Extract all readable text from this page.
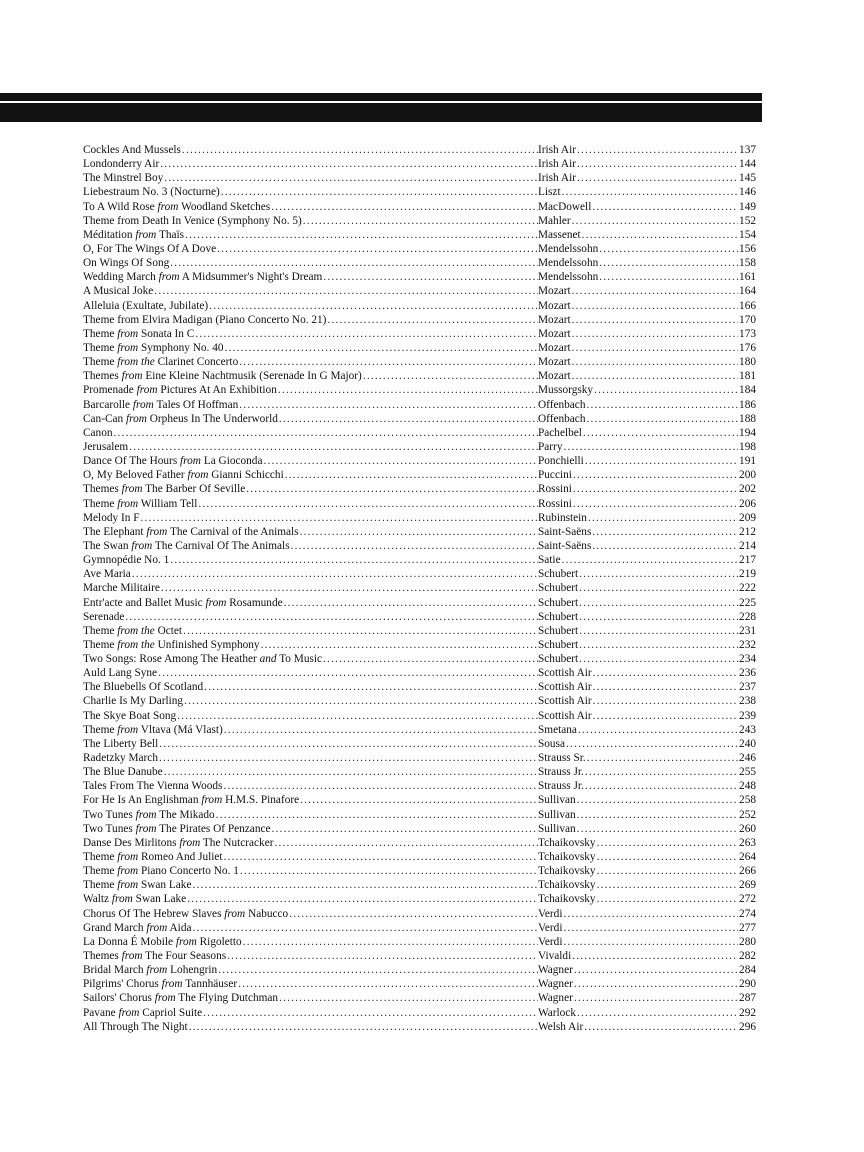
Cockles And Mussels .....	Irish Air .....	137
Londonderry Air .....	Irish Air .....	144
The Minstrel Boy .....	Irish Air .....	145
Liebestraum No. 3 (Nocturne) .....	Liszt .....	146
To A Wild Rose from Woodland Sketches .....	MacDowell .....	149
Theme from Death In Venice (Symphony No. 5) .....	Mahler .....	152
Méditation from Thaïs .....	Massenet .....	154
O, For The Wings Of A Dove .....	Mendelssohn .....	156
On Wings Of Song .....	Mendelssohn .....	158
Wedding March from A Midsummer's Night's Dream .....	Mendelssohn .....	161
A Musical Joke .....	Mozart .....	164
Alleluia (Exultate, Jubilate) .....	Mozart .....	166
Theme from Elvira Madigan (Piano Concerto No. 21) .....	Mozart .....	170
Theme from Sonata In C .....	Mozart .....	173
Theme from Symphony No. 40 .....	Mozart .....	176
Theme from the Clarinet Concerto .....	Mozart .....	180
Themes from Eine Kleine Nachtmusik (Serenade In G Major) .....	Mozart .....	181
Promenade from Pictures At An Exhibition .....	Mussorgsky .....	184
Barcarolle from Tales Of Hoffman .....	Offenbach .....	186
Can-Can from Orpheus In The Underworld .....	Offenbach .....	188
Canon .....	Pachelbel .....	194
Jerusalem .....	Parry .....	198
Dance Of The Hours from La Gioconda .....	Ponchielli .....	191
O, My Beloved Father from Gianni Schicchi .....	Puccini .....	200
Themes from The Barber Of Seville .....	Rossini .....	202
Theme from William Tell .....	Rossini .....	206
Melody In F .....	Rubinstein .....	209
The Elephant from The Carnival of the Animals .....	Saint-Saëns .....	212
The Swan from The Carnival Of The Animals .....	Saint-Saëns .....	214
Gymnopédie No. 1 .....	Satie .....	217
Ave Maria .....	Schubert .....	219
Marche Militaire .....	Schubert .....	222
Entr'acte and Ballet Music from Rosamunde .....	Schubert .....	225
Serenade .....	Schubert .....	228
Theme from the Octet .....	Schubert .....	231
Theme from the Unfinished Symphony .....	Schubert .....	232
Two Songs: Rose Among The Heather and To Music .....	Schubert .....	234
Auld Lang Syne .....	Scottish Air .....	236
The Bluebells Of Scotland .....	Scottish Air .....	237
Charlie Is My Darling .....	Scottish Air .....	238
The Skye Boat Song .....	Scottish Air .....	239
Theme from Vltava (Má Vlast) .....	Smetana .....	243
The Liberty Bell .....	Sousa .....	240
Radetzky March .....	Strauss Sr. .....	246
The Blue Danube .....	Strauss Jr. .....	255
Tales From The Vienna Woods .....	Strauss Jr. .....	248
For He Is An Englishman from H.M.S. Pinafore .....	Sullivan .....	258
Two Tunes from The Mikado .....	Sullivan .....	252
Two Tunes from The Pirates Of Penzance .....	Sullivan .....	260
Danse Des Mirlitons from The Nutcracker .....	Tchaikovsky .....	263
Theme from Romeo And Juliet .....	Tchaikovsky .....	264
Theme from Piano Concerto No. 1 .....	Tchaikovsky .....	266
Theme from Swan Lake .....	Tchaikovsky .....	269
Waltz from Swan Lake .....	Tchaikovsky .....	272
Chorus Of The Hebrew Slaves from Nabucco .....	Verdi .....	274
Grand March from Aida .....	Verdi .....	277
La Donna É Mobile from Rigoletto .....	Verdi .....	280
Themes from The Four Seasons .....	Vivaldi .....	282
Bridal March from Lohengrin .....	Wagner .....	284
Pilgrims' Chorus from Tannhäuser .....	Wagner .....	290
Sailors' Chorus from The Flying Dutchman .....	Wagner .....	287
Pavane from Capriol Suite .....	Warlock .....	292
All Through The Night .....	Welsh Air .....	296
